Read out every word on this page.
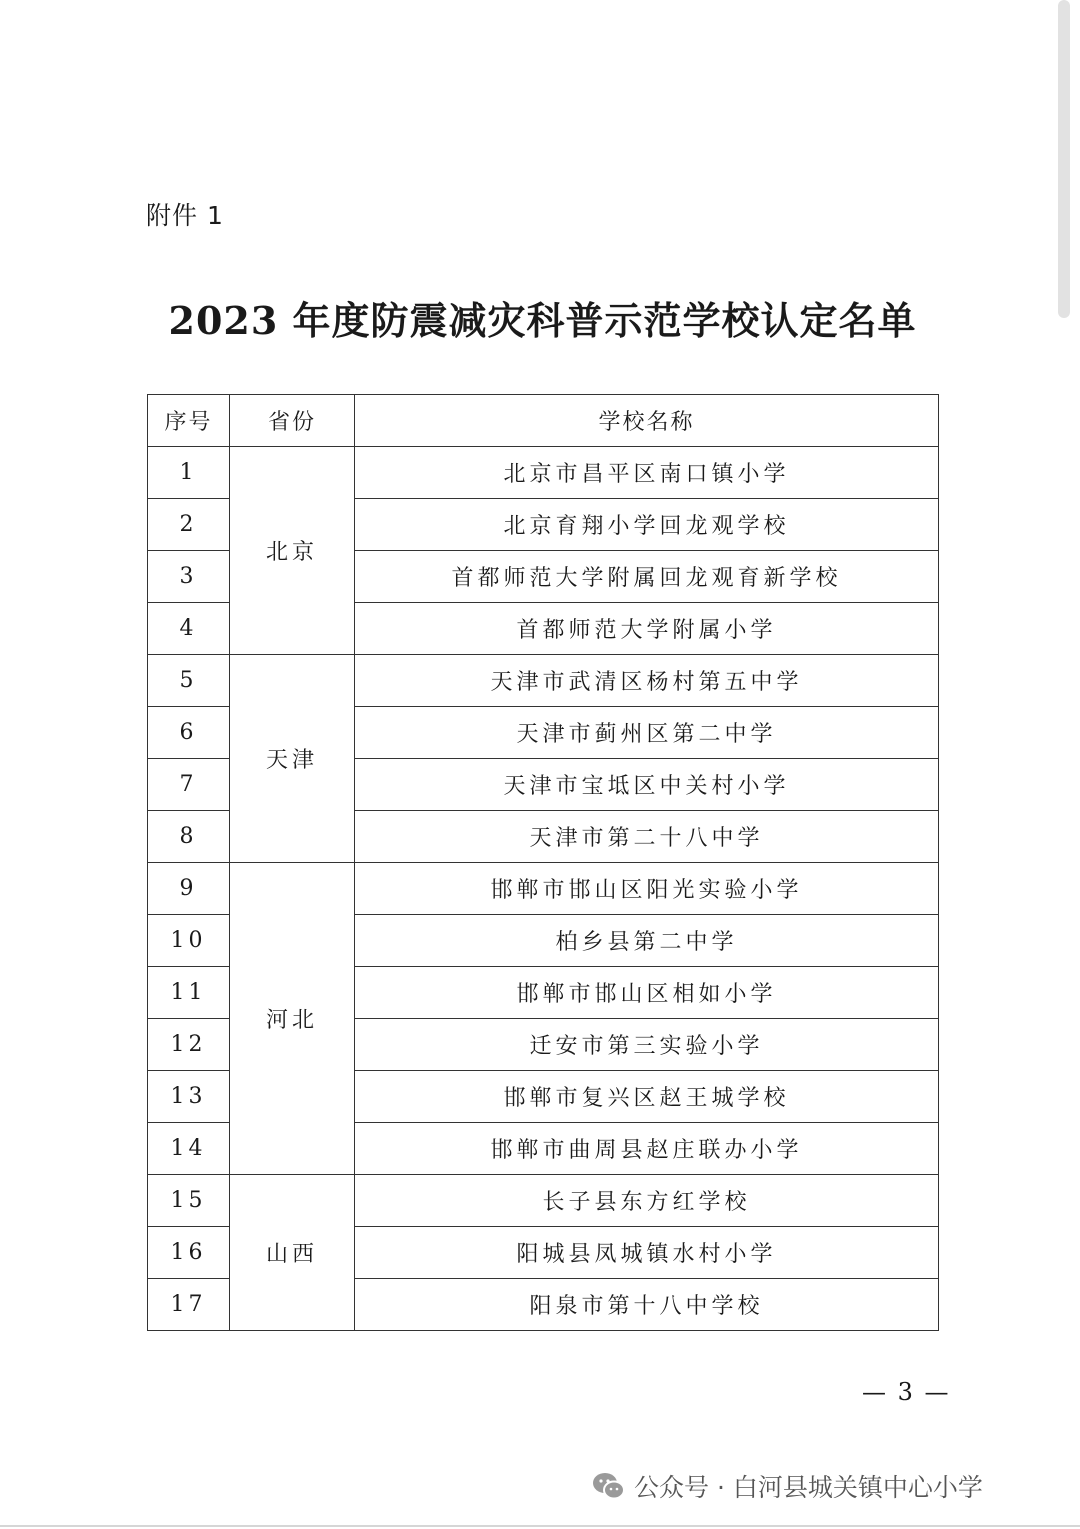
附件 1
2023 年度防震减灾科普示范学校认定名单
序号	省份	学校名称
1	北京	北京市昌平区南口镇小学
2		北京育翔小学回龙观学校
3		首都师范大学附属回龙观育新学校
4		首都师范大学附属小学
5	天津	天津市武清区杨村第五中学
6		天津市蓟州区第二中学
7		天津市宝坻区中关村小学
8		天津市第二十八中学
9	河北	邯郸市邯山区阳光实验小学
10		柏乡县第二中学
11		邯郸市邯山区相如小学
12		迁安市第三实验小学
13		邯郸市复兴区赵王城学校
14		邯郸市曲周县赵庄联办小学
15	山西	长子县东方红学校
16		阳城县凤城镇水村小学
17		阳泉市第十八中学校
— 3 —
公众号 · 白河县城关镇中心小学
